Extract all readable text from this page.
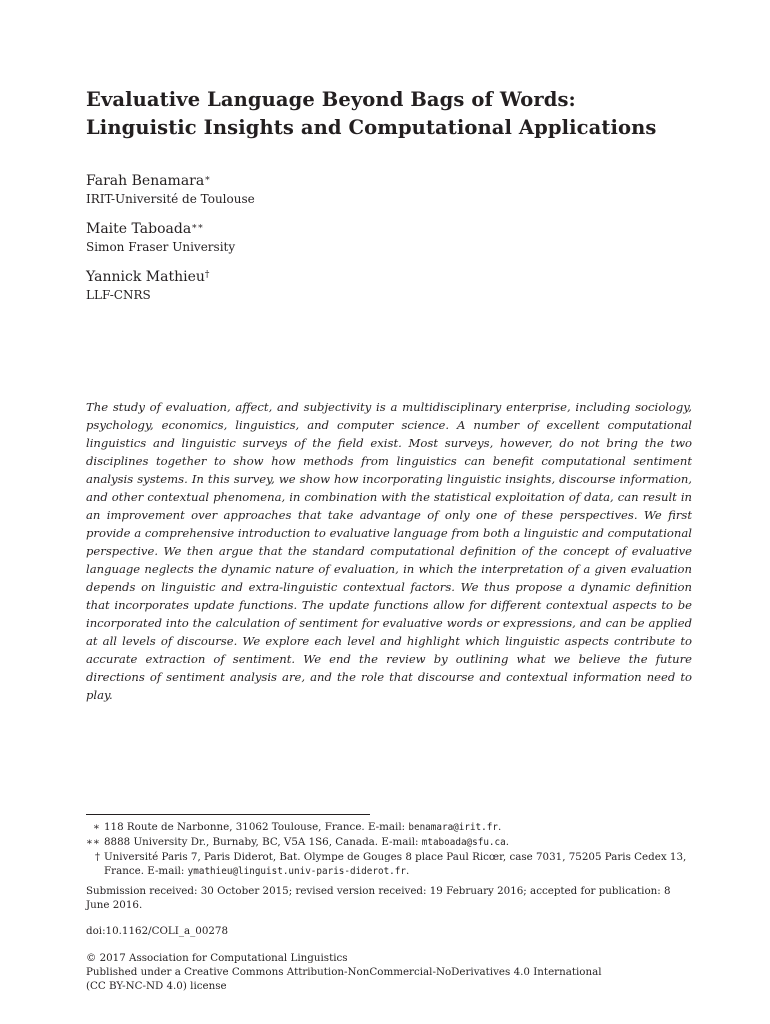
Evaluative Language Beyond Bags of Words: Linguistic Insights and Computational Applications
Farah Benamara∗
IRIT-Université de Toulouse
Maite Taboada∗∗
Simon Fraser University
Yannick Mathieu†
LLF-CNRS

The study of evaluation, affect, and subjectivity is a multidisciplinary enterprise, including sociology, psychology, economics, linguistics, and computer science. A number of excellent computational linguistics and linguistic surveys of the field exist. Most surveys, however, do not bring the two disciplines together to show how methods from linguistics can benefit computational sentiment analysis systems. In this survey, we show how incorporating linguistic insights, discourse information, and other contextual phenomena, in combination with the statistical exploitation of data, can result in an improvement over approaches that take advantage of only one of these perspectives. We first provide a comprehensive introduction to evaluative language from both a linguistic and computational perspective. We then argue that the standard computational definition of the concept of evaluative language neglects the dynamic nature of evaluation, in which the interpretation of a given evaluation depends on linguistic and extra-linguistic contextual factors. We thus propose a dynamic definition that incorporates update functions. The update functions allow for different contextual aspects to be incorporated into the calculation of sentiment for evaluative words or expressions, and can be applied at all levels of discourse. We explore each level and highlight which linguistic aspects contribute to accurate extraction of sentiment. We end the review by outlining what we believe the future directions of sentiment analysis are, and the role that discourse and contextual information need to play.

∗ 118 Route de Narbonne, 31062 Toulouse, France. E-mail: benamara@irit.fr.
∗∗ 8888 University Dr., Burnaby, BC, V5A 1S6, Canada. E-mail: mtaboada@sfu.ca.
† Université Paris 7, Paris Diderot, Bat. Olympe de Gouges 8 place Paul Ricœr, case 7031, 75205 Paris Cedex 13, France. E-mail: ymathieu@linguist.univ-paris-diderot.fr.
Submission received: 30 October 2015; revised version received: 19 February 2016; accepted for publication: 8 June 2016.
doi:10.1162/COLI_a_00278
© 2017 Association for Computational Linguistics
Published under a Creative Commons Attribution-NonCommercial-NoDerivatives 4.0 International
(CC BY-NC-ND 4.0) license
